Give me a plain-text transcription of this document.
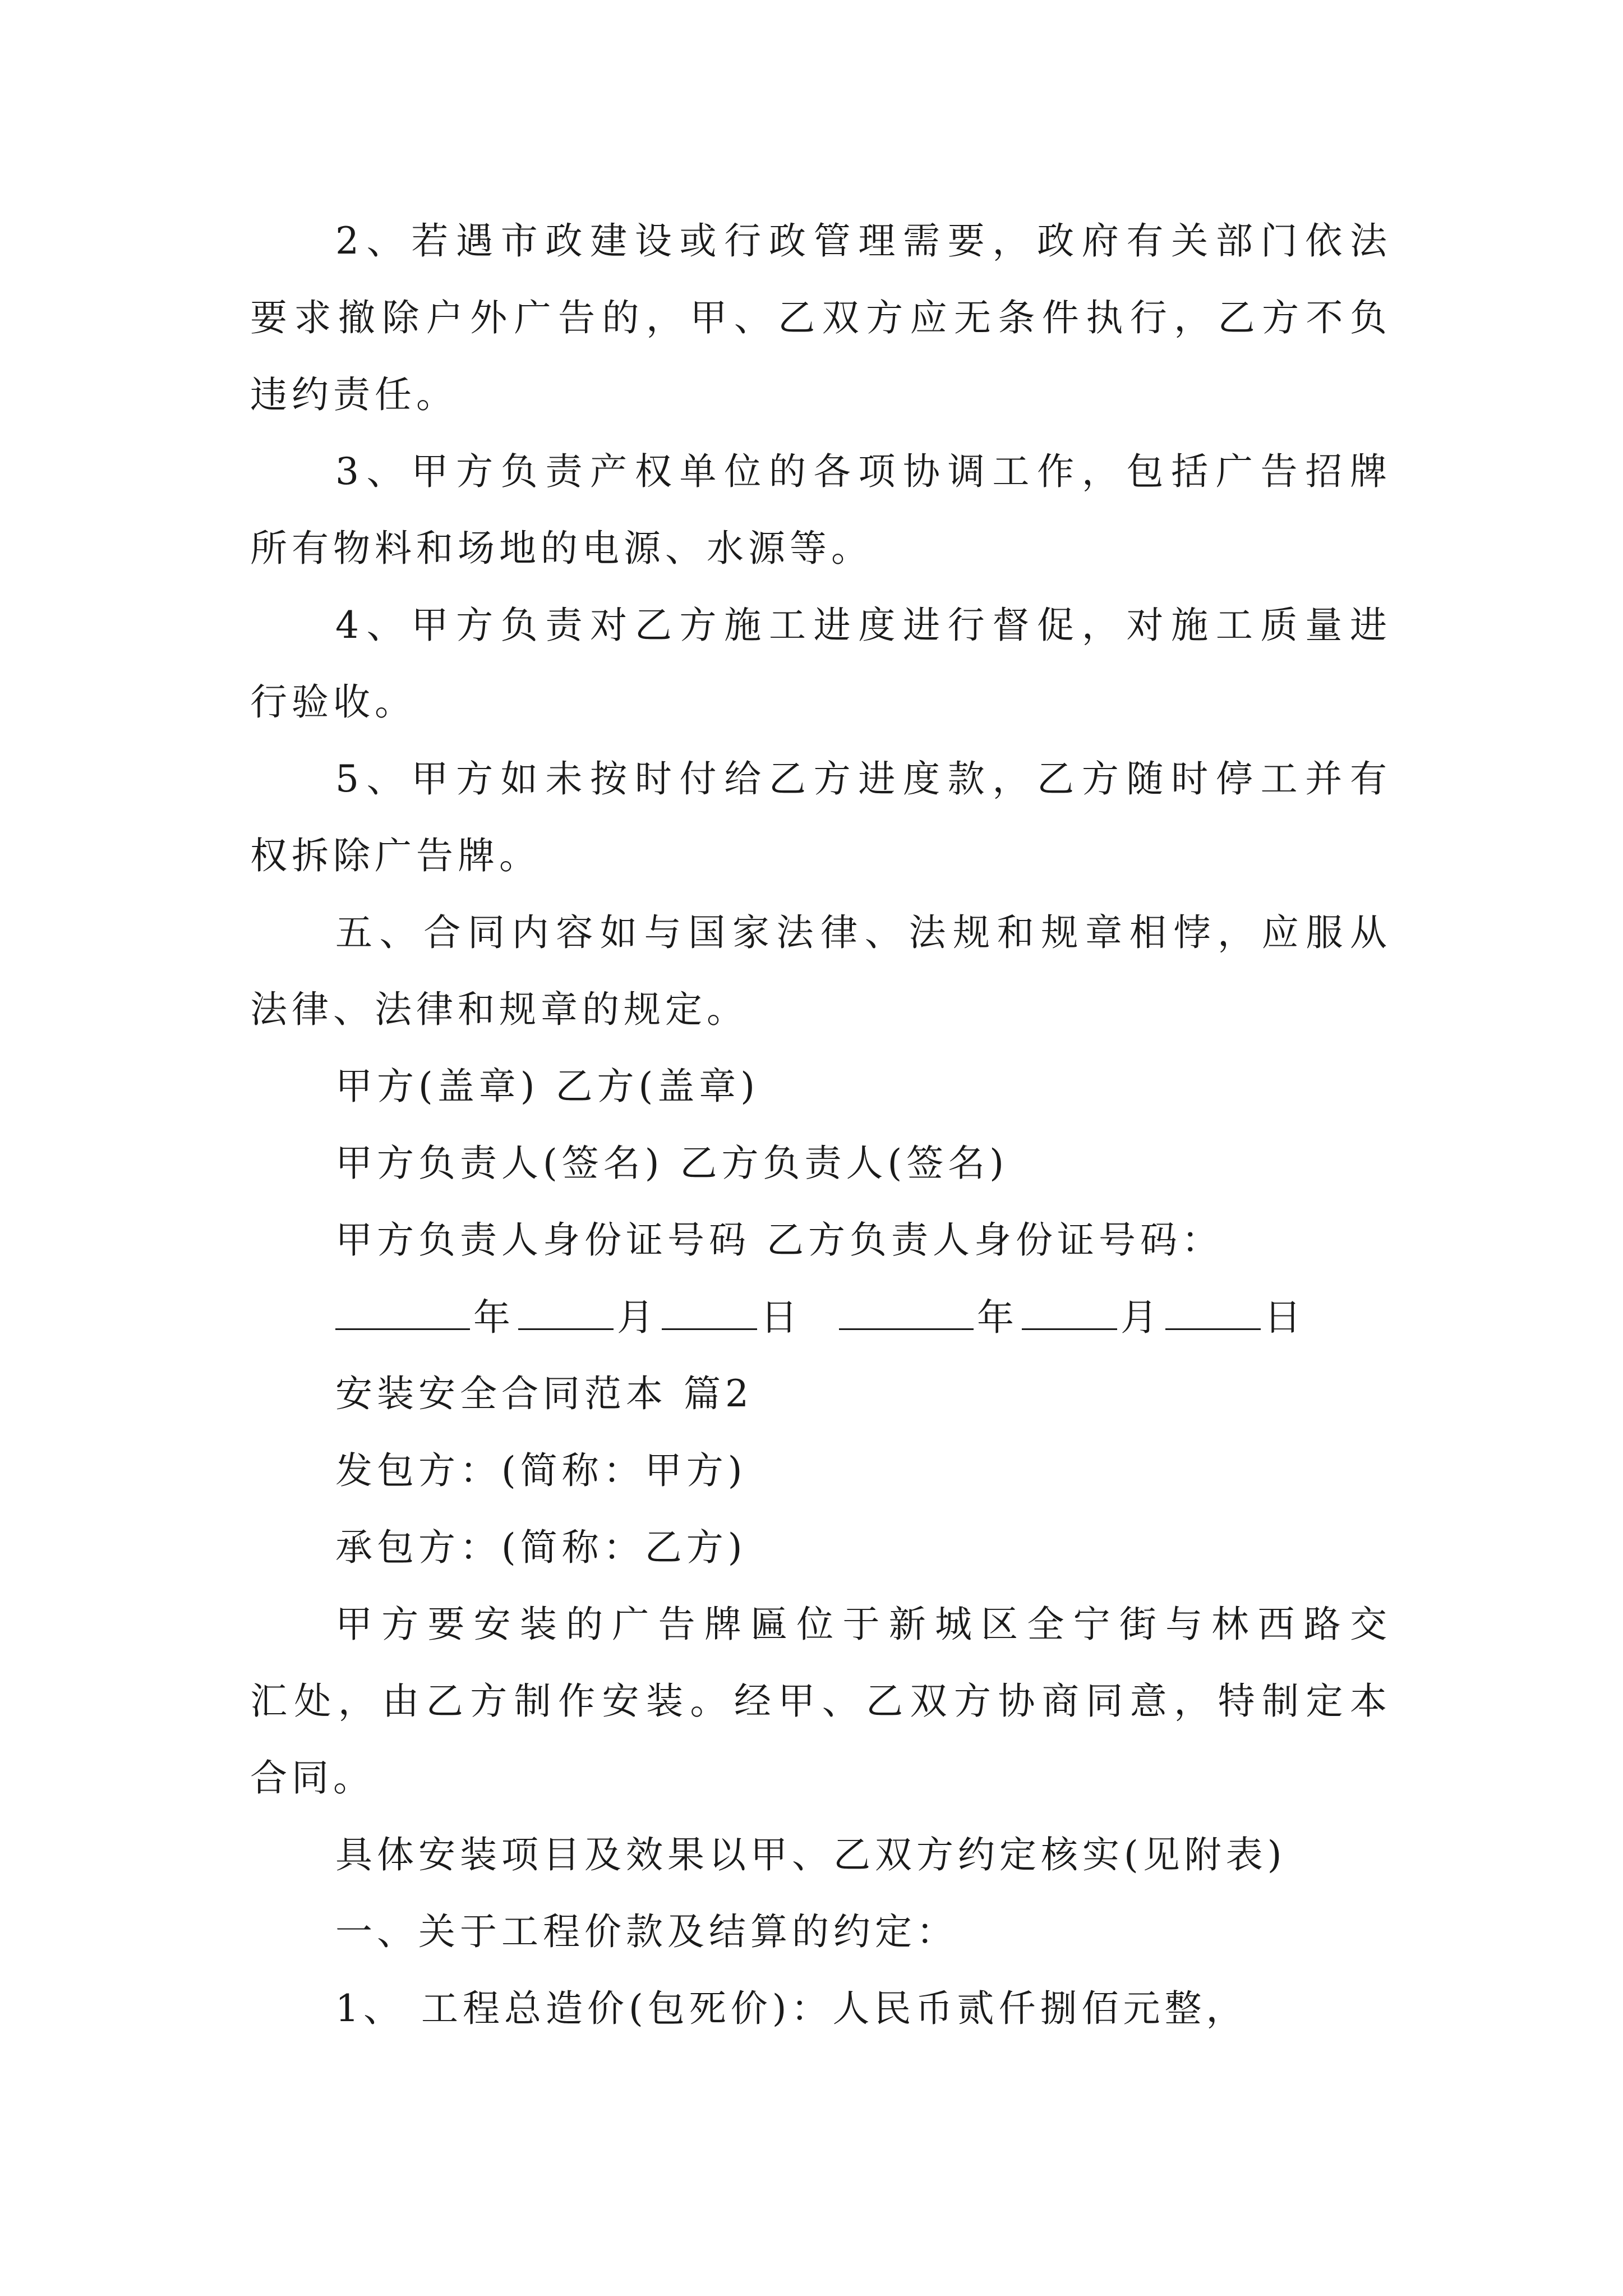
2、若遇市政建设或行政管理需要，政府有关部门依法
要求撤除户外广告的，甲、乙双方应无条件执行，乙方不负
违约责任。
3、甲方负责产权单位的各项协调工作，包括广告招牌
所有物料和场地的电源、水源等。
4、甲方负责对乙方施工进度进行督促，对施工质量进
行验收。
5、甲方如未按时付给乙方进度款，乙方随时停工并有
权拆除广告牌。
五、合同内容如与国家法律、法规和规章相悖，应服从
法律、法律和规章的规定。
甲方(盖章) 乙方(盖章)
甲方负责人(签名) 乙方负责人(签名)
甲方负责人身份证号码 乙方负责人身份证号码：
年	月	日	年	月	日
安装安全合同范本 篇2
发包方：(简称：甲方)
承包方：(简称：乙方)
甲方要安装的广告牌匾位于新城区全宁街与林西路交
汇处，由乙方制作安装。经甲、乙双方协商同意，特制定本
合同。
具体安装项目及效果以甲、乙双方约定核实(见附表)
一、关于工程价款及结算的约定：
1、 工程总造价(包死价)：人民币贰仟捌佰元整，
